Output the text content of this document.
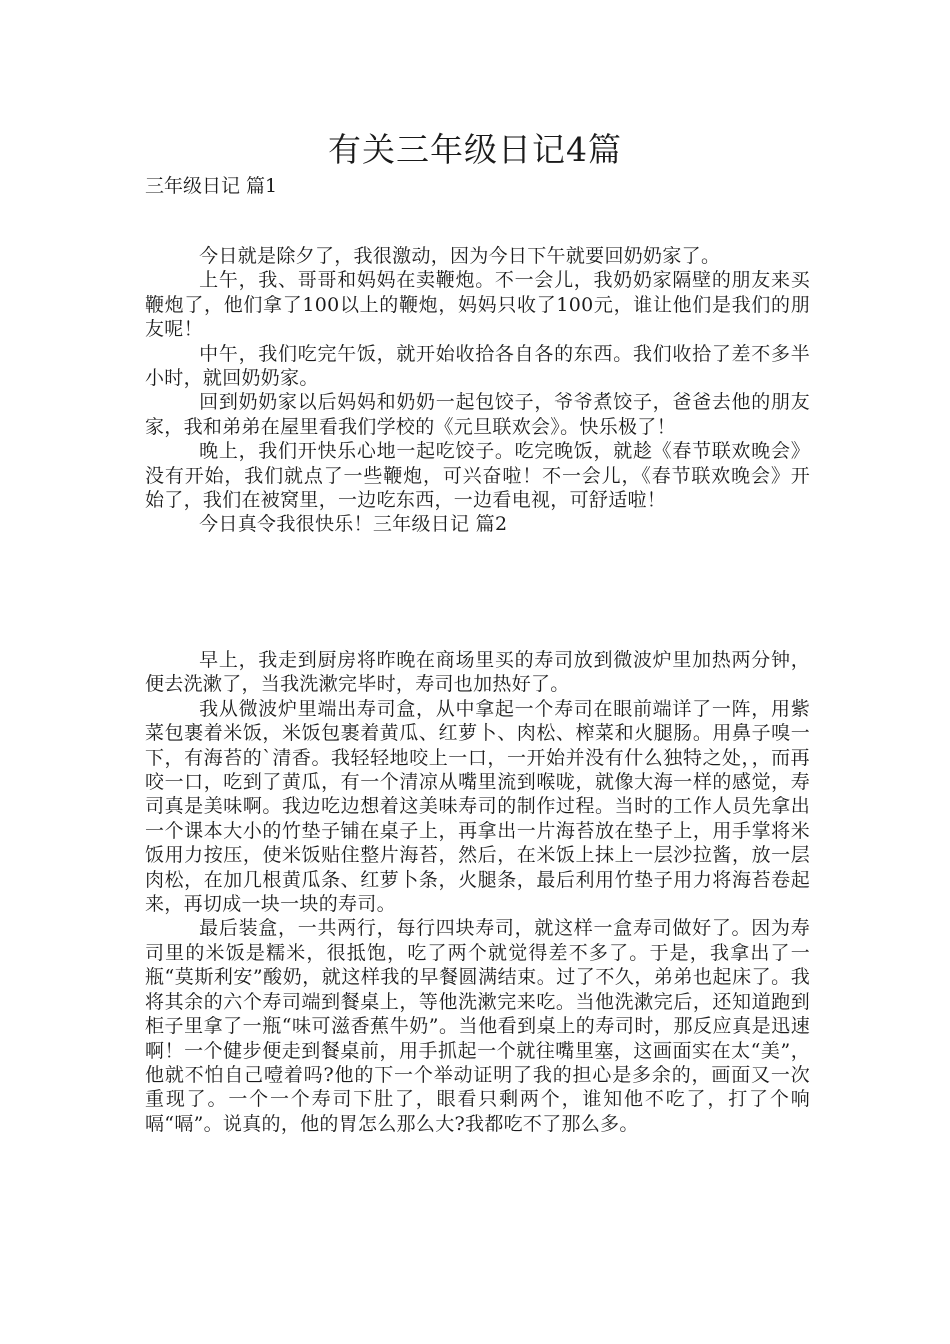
有关三年级日记4篇
三年级日记 篇1

今日就是除夕了，我很激动，因为今日下午就要回奶奶家了。

上午，我、哥哥和妈妈在卖鞭炮。不一会儿，我奶奶家隔壁的朋友来买鞭炮了，他们拿了100以上的鞭炮，妈妈只收了100元，谁让他们是我们的朋友呢！

中午，我们吃完午饭，就开始收拾各自各的东西。我们收拾了差不多半小时，就回奶奶家。

回到奶奶家以后妈妈和奶奶一起包饺子，爷爷煮饺子，爸爸去他的朋友家，我和弟弟在屋里看我们学校的《元旦联欢会》。快乐极了！

晚上，我们开快乐心地一起吃饺子。吃完晚饭，就趁《春节联欢晚会》没有开始，我们就点了一些鞭炮，可兴奋啦！不一会儿，《春节联欢晚会》开始了，我们在被窝里，一边吃东西，一边看电视，可舒适啦！

今日真令我很快乐！三年级日记 篇2

早上，我走到厨房将昨晚在商场里买的寿司放到微波炉里加热两分钟，便去洗漱了，当我洗漱完毕时，寿司也加热好了。

我从微波炉里端出寿司盒，从中拿起一个寿司在眼前端详了一阵，用紫菜包裹着米饭，米饭包裹着黄瓜、红萝卜、肉松、榨菜和火腿肠。用鼻子嗅一下，有海苔的`清香。我轻轻地咬上一口，一开始并没有什么独特之处，，而再咬一口，吃到了黄瓜，有一个清凉从嘴里流到喉咙，就像大海一样的感觉，寿司真是美味啊。我边吃边想着这美味寿司的制作过程。当时的工作人员先拿出一个课本大小的竹垫子铺在桌子上，再拿出一片海苔放在垫子上，用手掌将米饭用力按压，使米饭贴住整片海苔，然后，在米饭上抹上一层沙拉酱，放一层肉松，在加几根黄瓜条、红萝卜条，火腿条，最后利用竹垫子用力将海苔卷起来，再切成一块一块的寿司。

最后装盒，一共两行，每行四块寿司，就这样一盒寿司做好了。因为寿司里的米饭是糯米，很抵饱，吃了两个就觉得差不多了。于是，我拿出了一瓶“莫斯利安”酸奶，就这样我的早餐圆满结束。过了不久，弟弟也起床了。我将其余的六个寿司端到餐桌上，等他洗漱完来吃。当他洗漱完后，还知道跑到柜子里拿了一瓶“味可滋香蕉牛奶”。当他看到桌上的寿司时，那反应真是迅速啊！一个健步便走到餐桌前，用手抓起一个就往嘴里塞，这画面实在太“美”，他就不怕自己噎着吗?他的下一个举动证明了我的担心是多余的，画面又一次重现了。一个一个寿司下肚了，眼看只剩两个，谁知他不吃了，打了个响嗝“嗝”。说真的，他的胃怎么那么大?我都吃不了那么多。
